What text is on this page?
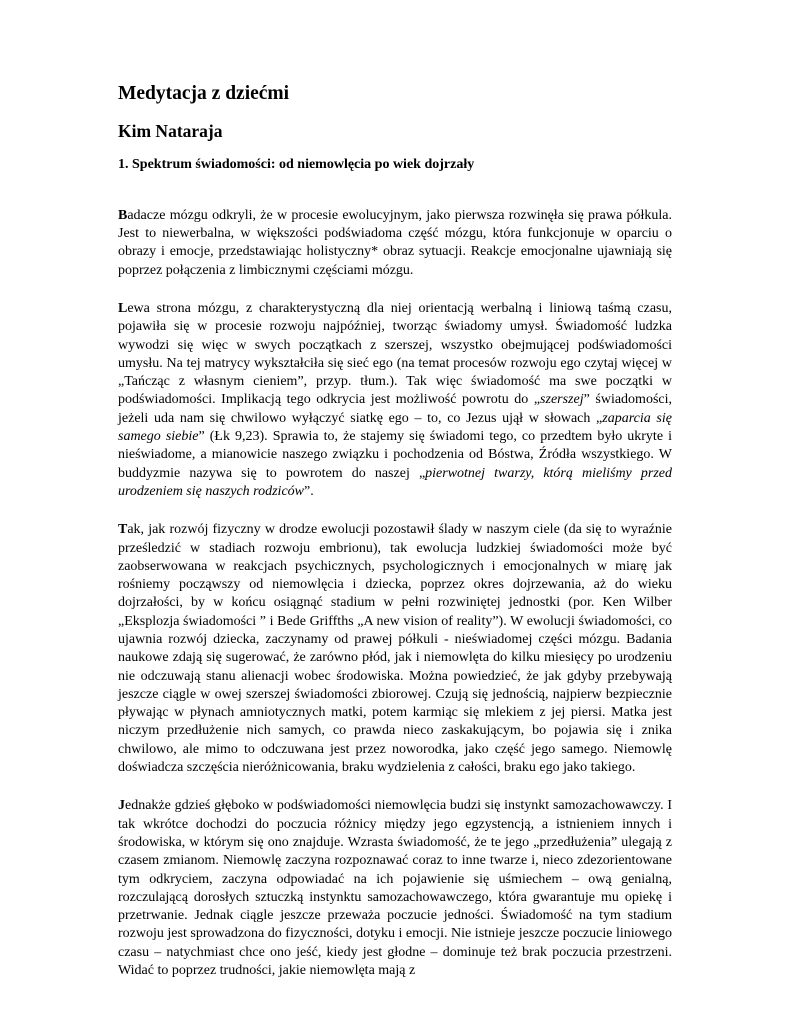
Medytacja z dziećmi
Kim Nataraja
1. Spektrum świadomości: od niemowlęcia po wiek dojrzały

Badacze mózgu odkryli, że w procesie ewolucyjnym, jako pierwsza rozwinęła się prawa półkula. Jest to niewerbalna, w większości podświadoma część mózgu, która funkcjonuje w oparciu o obrazy i emocje, przedstawiając holistyczny* obraz sytuacji. Reakcje emocjonalne ujawniają się poprzez połączenia z limbicznymi częściami mózgu.

Lewa strona mózgu, z charakterystyczną dla niej orientacją werbalną i liniową taśmą czasu, pojawiła się w procesie rozwoju najpóźniej, tworząc świadomy umysł. Świadomość ludzka wywodzi się więc w swych początkach z szerszej, wszystko obejmującej podświadomości umysłu. Na tej matrycy wykształciła się sieć ego (na temat procesów rozwoju ego czytaj więcej w „Tańcząc z własnym cieniem”, przyp. tłum.). Tak więc świadomość ma swe początki w podświadomości. Implikacją tego odkrycia jest możliwość powrotu do „szerszej” świadomości, jeżeli uda nam się chwilowo wyłączyć siatkę ego – to, co Jezus ujął w słowach „zaparcia się samego siebie” (Łk 9,23). Sprawia to, że stajemy się świadomi tego, co przedtem było ukryte i nieświadome, a mianowicie naszego związku i pochodzenia od Bóstwa, Źródła wszystkiego. W buddyzmie nazywa się to powrotem do naszej „pierwotnej twarzy, którą mieliśmy przed urodzeniem się naszych rodziców”.

Tak, jak rozwój fizyczny w drodze ewolucji pozostawił ślady w naszym ciele (da się to wyraźnie prześledzić w stadiach rozwoju embrionu), tak ewolucja ludzkiej świadomości może być zaobserwowana w reakcjach psychicznych, psychologicznych i emocjonalnych w miarę jak rośniemy począwszy od niemowlęcia i dziecka, poprzez okres dojrzewania, aż do wieku dojrzałości, by w końcu osiągnąć stadium w pełni rozwiniętej jednostki (por. Ken Wilber „Eksplozja świadomości ” i Bede Griffths „A new vision of reality”). W ewolucji świadomości, co ujawnia rozwój dziecka, zaczynamy od prawej półkuli - nieświadomej części mózgu. Badania naukowe zdają się sugerować, że zarówno płód, jak i niemowlęta do kilku miesięcy po urodzeniu nie odczuwają stanu alienacji wobec środowiska. Można powiedzieć, że jak gdyby przebywają jeszcze ciągle w owej szerszej świadomości zbiorowej. Czują się jednością, najpierw bezpiecznie pływając w płynach amniotycznych matki, potem karmiąc się mlekiem z jej piersi. Matka jest niczym przedłużenie nich samych, co prawda nieco zaskakującym, bo pojawia się i znika chwilowo, ale mimo to odczuwana jest przez noworodka, jako część jego samego. Niemowlę doświadcza szczęścia nieróżnicowania, braku wydzielenia z całości, braku ego jako takiego.

Jednakże gdzieś głęboko w podświadomości niemowlęcia budzi się instynkt samozachowawczy. I tak wkrótce dochodzi do poczucia różnicy między jego egzystencją, a istnieniem innych i środowiska, w którym się ono znajduje. Wzrasta świadomość, że te jego „przedłużenia” ulegają z czasem zmianom. Niemowlę zaczyna rozpoznawać coraz to inne twarze i, nieco zdezorientowane tym odkryciem, zaczyna odpowiadać na ich pojawienie się uśmiechem – ową genialną, rozczulającą dorosłych sztuczką instynktu samozachowawczego, która gwarantuje mu opiekę i przetrwanie. Jednak ciągle jeszcze przeważa poczucie jedności. Świadomość na tym stadium rozwoju jest sprowadzona do fizyczności, dotyku i emocji. Nie istnieje jeszcze poczucie liniowego czasu – natychmiast chce ono jeść, kiedy jest głodne – dominuje też brak poczucia przestrzeni. Widać to poprzez trudności, jakie niemowlęta mają z
